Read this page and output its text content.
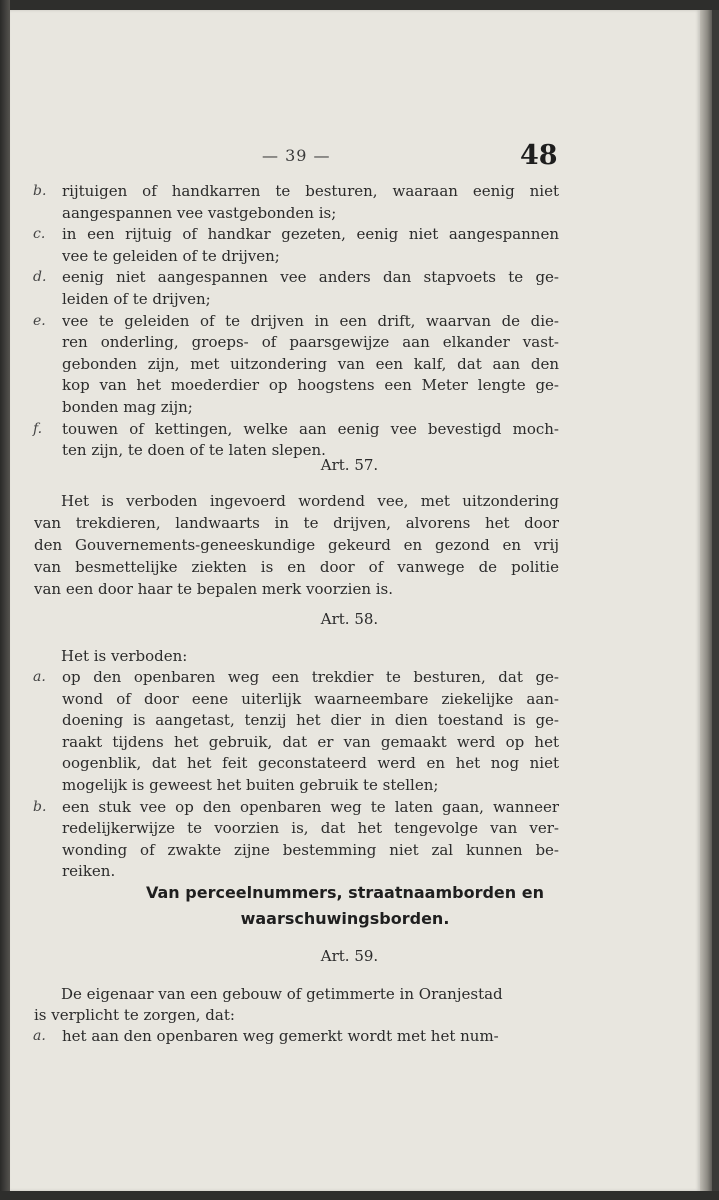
— 39 —	48
b.	rijtuigen of handkarren te besturen, waaraan eenig niet
aangespannen vee vastgebonden is;
c.	in een rijtuig of handkar gezeten, eenig niet aangespannen
vee te geleiden of te drijven;
d.	eenig niet aangespannen vee anders dan stapvoets te ge-
leiden of te drijven;
e.	vee te geleiden of te drijven in een drift, waarvan de die-
ren onderling, groeps- of paarsgewijze aan elkander vast-
gebonden zijn, met uitzondering van een kalf, dat aan den
kop van het moederdier op hoogstens een Meter lengte ge-
bonden mag zijn;
f.	touwen of kettingen, welke aan eenig vee bevestigd moch-
ten zijn, te doen of te laten slepen.
Art. 57.
Het is verboden ingevoerd wordend vee, met uitzondering
van trekdieren, landwaarts in te drijven, alvorens het door
den Gouvernements-geneeskundige gekeurd en gezond en vrij
van besmettelijke ziekten is en door of vanwege de politie
van een door haar te bepalen merk voorzien is.
Art. 58.
Het is verboden:
a.	op den openbaren weg een trekdier te besturen, dat ge-
wond of door eene uiterlijk waarneembare ziekelijke aan-
doening is aangetast, tenzij het dier in dien toestand is ge-
raakt tijdens het gebruik, dat er van gemaakt werd op het
oogenblik, dat het feit geconstateerd werd en het nog niet
mogelijk is geweest het buiten gebruik te stellen;
b.	een stuk vee op den openbaren weg te laten gaan, wanneer
redelijkerwijze te voorzien is, dat het tengevolge van ver-
wonding of zwakte zijne bestemming niet zal kunnen be-
reiken.
Van perceelnummers, straatnaamborden en
waarschuwingsborden.
Art. 59.
De eigenaar van een gebouw of getimmerte in Oranjestad
is verplicht te zorgen, dat:
a.	het aan den openbaren weg gemerkt wordt met het num-
